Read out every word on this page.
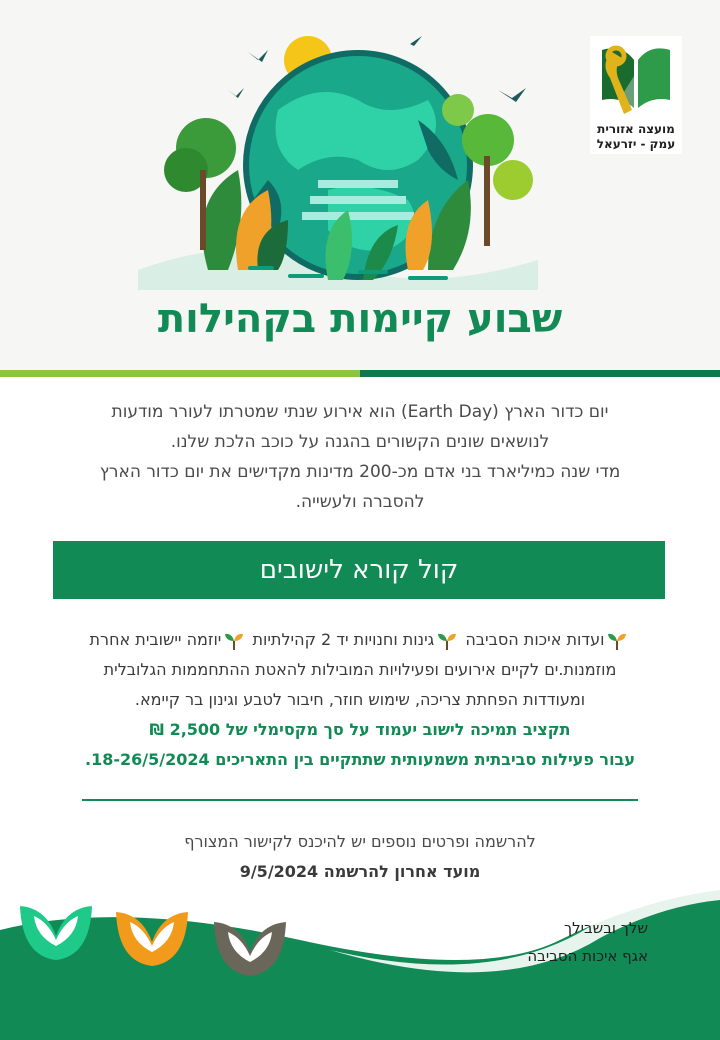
מועצה אזורית
עמק - יזרעאל
שבוע קיימות בקהילות
יום כדור הארץ (Earth Day) הוא אירוע שנתי שמטרתו לעורר מודעות
לנושאים שונים הקשורים בהגנה על כוכב הלכת שלנו.
מדי שנה כמיליארד בני אדם מכ-200 מדינות מקדישים את יום כדור הארץ
להסברה ולעשייה.
קול קורא לישובים
ועדות איכות הסביבה גינות וחנויות יד 2 קהילתיות יוזמה יישובית אחרת
מוזמנות.ים לקיים אירועים ופעילויות המובילות להאטת ההתחממות הגלובלית
ומעודדות הפחתת צריכה, שימוש חוזר, חיבור לטבע וגינון בר קיימא.
תקציב תמיכה לישוב יעמוד על סך מקסימלי של 2,500 ₪
עבור פעילות סביבתית משמעותית שתתקיים בין התאריכים 18-26/5/2024.
להרשמה ופרטים נוספים יש להיכנס לקישור המצורף
מועד אחרון להרשמה 9/5/2024
שלך ובשבילך
אגף איכות הסביבה
